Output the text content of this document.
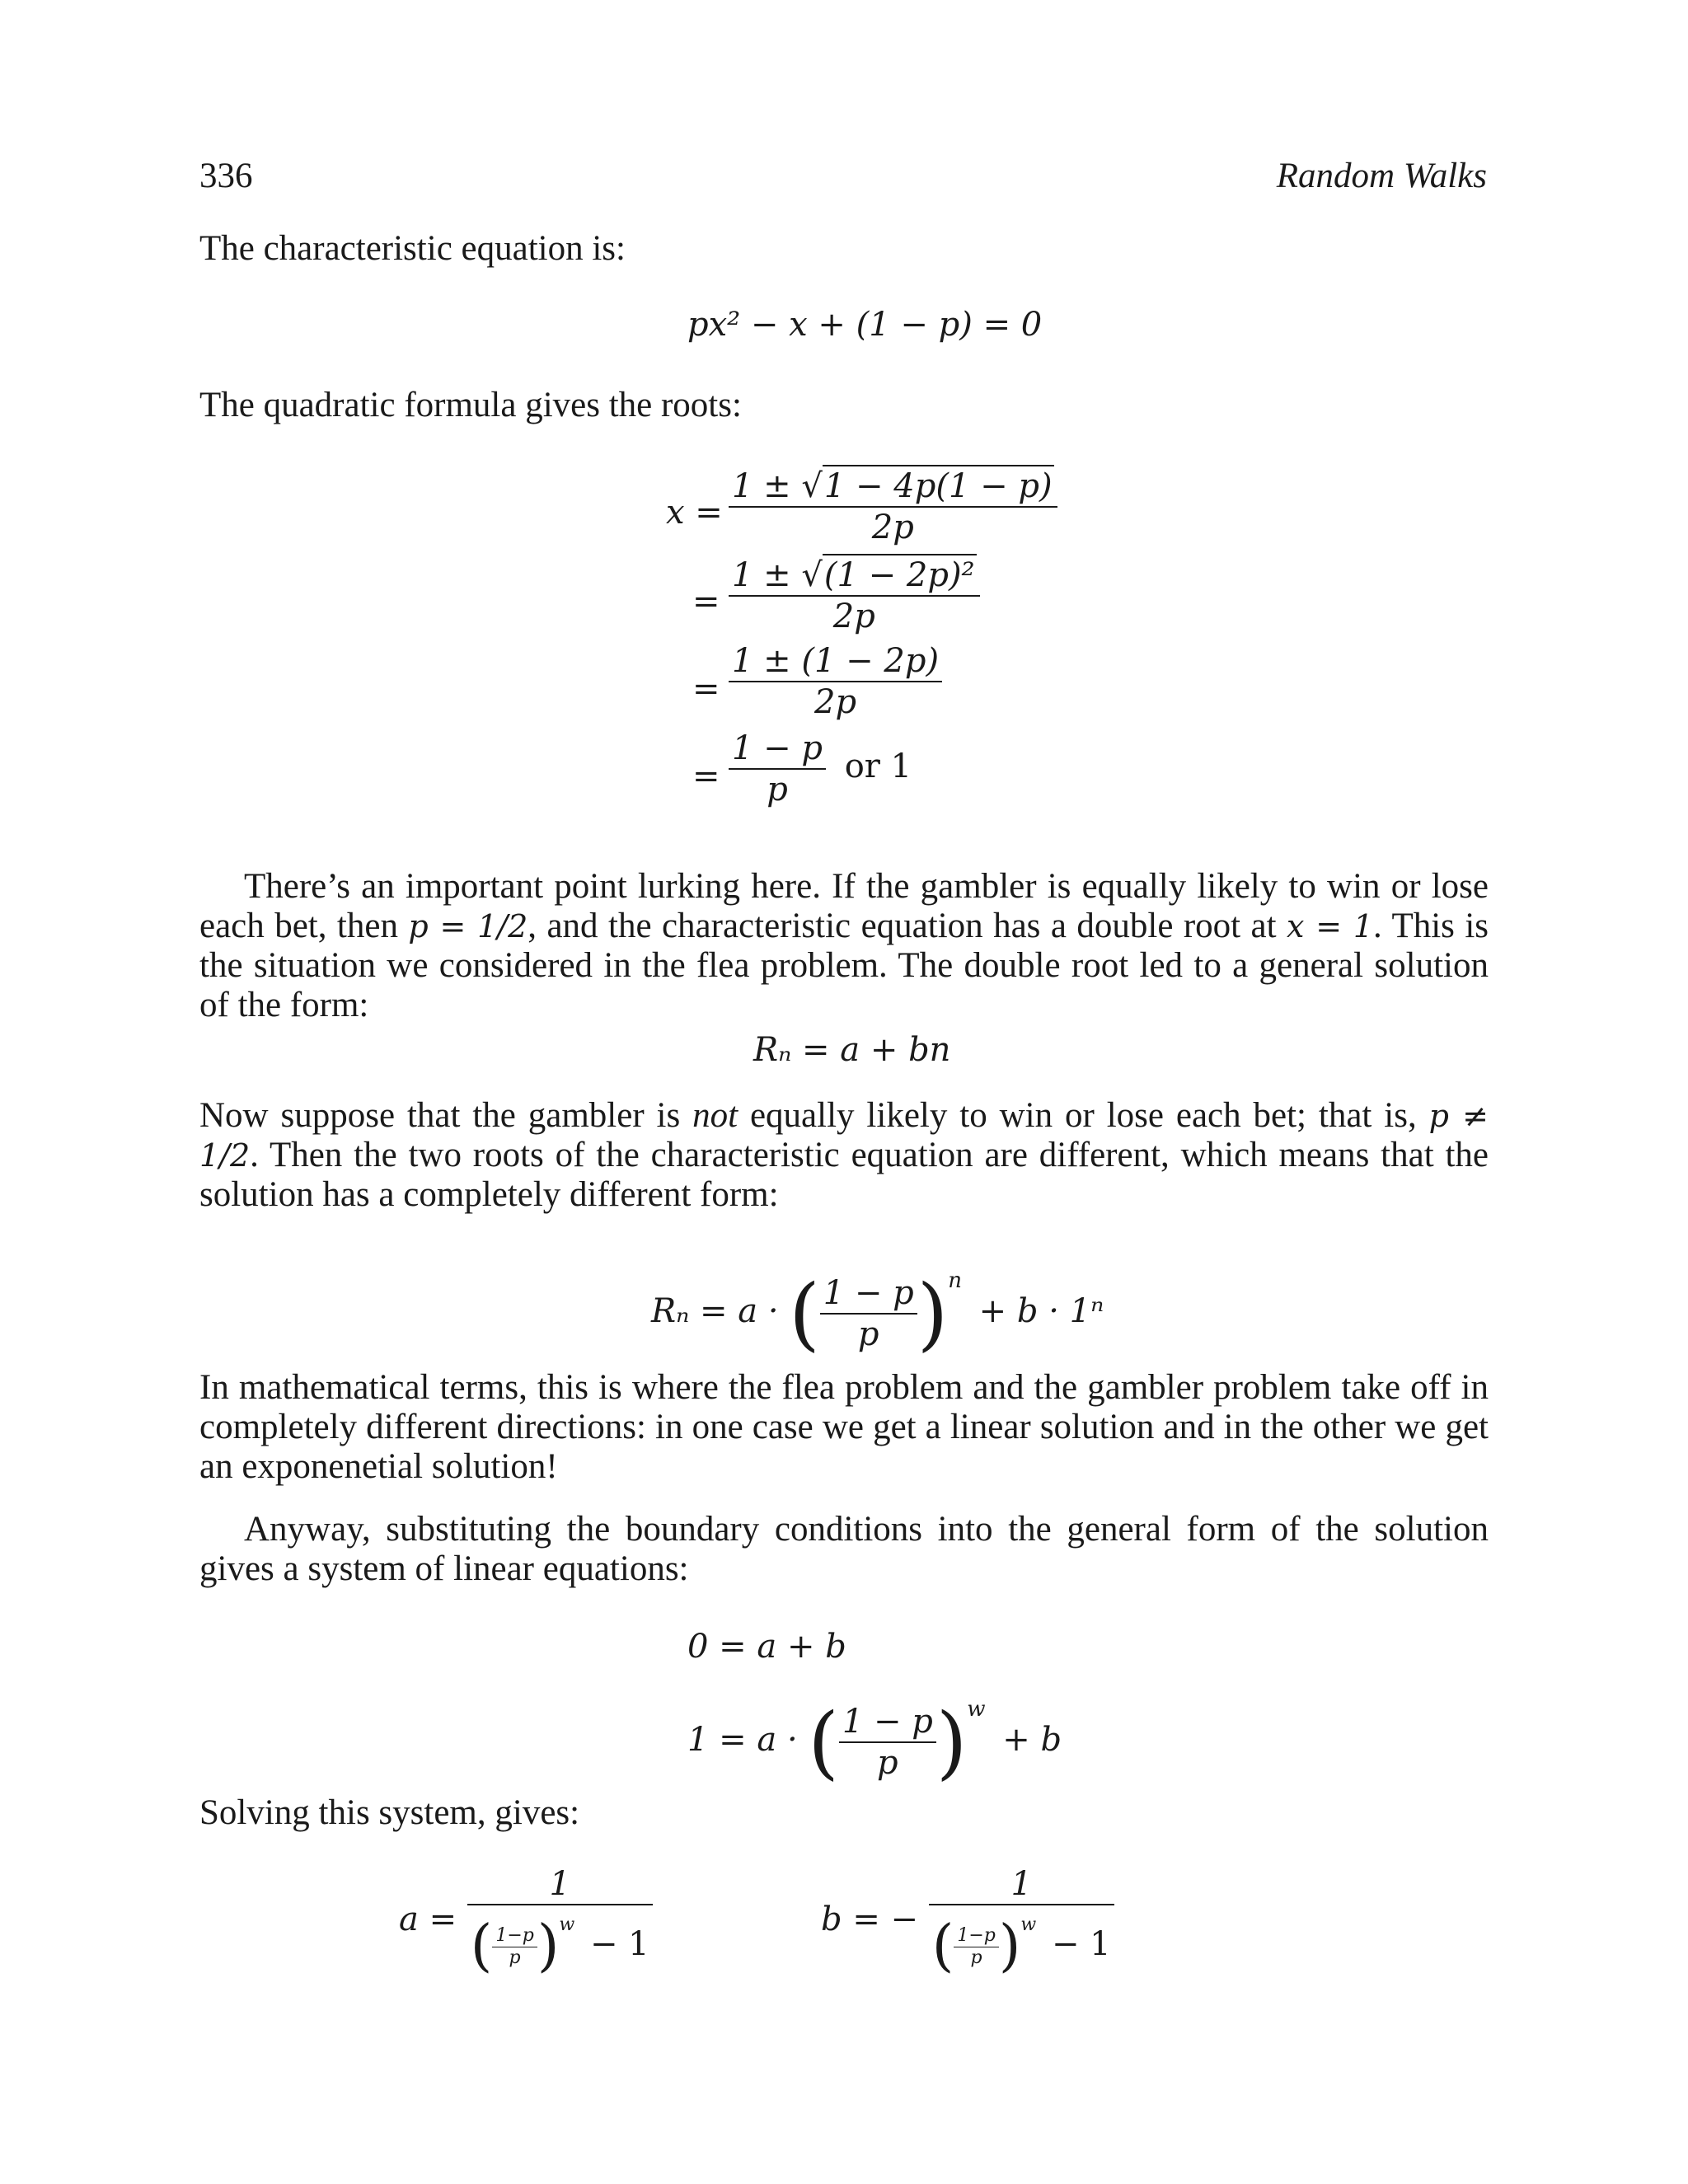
336	Random Walks
The characteristic equation is:
px² − x + (1 − p) = 0
The quadratic formula gives the roots:
$x = \frac{1 \pm √1 - 4p(1 - p)}{2p}$
= $\frac{\text{1 ± √(1 − 2p)²}}{2p}$
= $\frac{1 \pm (1 - 2p)}{2p}$
= $\frac{1 - p}{p}$ or 1
There’s an important point lurking here. If the gambler is equally likely to win or lose each bet, then p = 1/2, and the characteristic equation has a double root at x = 1. This is the situation we considered in the flea problem. The double root led to a general solution of the form:
Rₙ = a + bn
Now suppose that the gambler is not equally likely to win or lose each bet; that is, p ≠ 1/2. Then the two roots of the characteristic equation are different, which means that the solution has a completely different form:
Rₙ = a · ( $\frac{1 - p}{p} )^n + b \cdot 1^n$
In mathematical terms, this is where the flea problem and the gambler problem take off in completely different directions: in one case we get a linear solution and in the other we get an exponenetial solution!
Anyway, substituting the boundary conditions into the general form of the solution gives a system of linear equations:
0 = a + b
1 = a · ( $\frac{1 - p}{p} )^w + b$
Solving this system, gives:
$a = \frac{1}{( \frac{1-p}{p} )^w - 1}$	b = − $\frac{1}{( \frac{1-p}{p} )^w - 1}$
